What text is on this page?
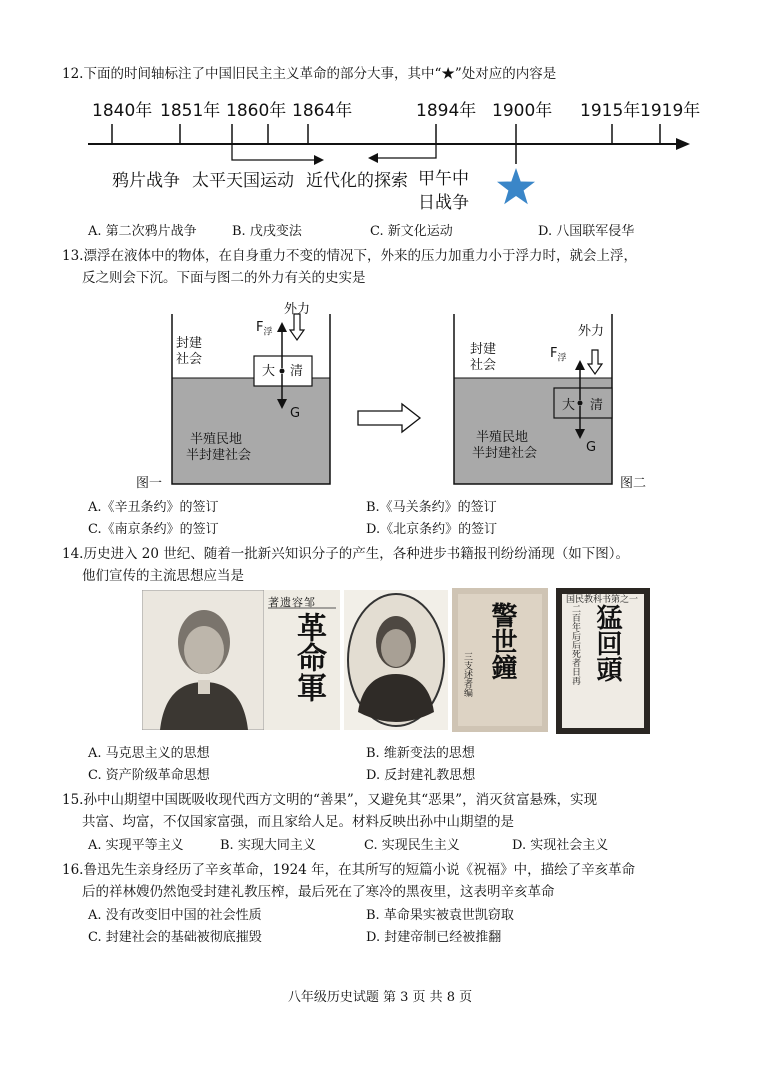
12.下面的时间轴标注了中国旧民主主义革命的部分大事，其中“★”处对应的内容是
1840年 1851年 1860年 1864年	1894年 1900年 1915年 1919年
鸦片战争 太平天国运动 近代化的探索 甲午中
日战争
A. 第二次鸦片战争	B. 戊戌变法	C. 新文化运动	D. 八国联军侵华
13.漂浮在液体中的物体，在自身重力不变的情况下，外来的压力加重力小于浮力时，就会上浮，
反之则会下沉。下面与图二的外力有关的史实是
封建
社会
外力
$F_浮$
大 清
G
半殖民地
半封建社会
图一
封建
社会
外力
$F_浮$
大 清
G
半殖民地
半封建社会
图二
A.《辛丑条约》的签订	B.《马关条约》的签订
C.《南京条约》的签订	D.《北京条约》的签订
14.历史进入 20 世纪、随着一批新兴知识分子的产生，各种进步书籍报刊纷纷涌现（如下图）。
他们宣传的主流思想应当是
著遗容邹
革命軍	警世鐘
三支述者编
国民教科书第之一
猛回頭
二百年后后死者日再
A. 马克思主义的思想	B. 维新变法的思想
C. 资产阶级革命思想	D. 反封建礼教思想
15.孙中山期望中国既吸收现代西方文明的“善果”，又避免其“恶果”，消灭贫富悬殊，实现
共富、均富，不仅国家富强，而且家给人足。材料反映出孙中山期望的是
A. 实现平等主义	B. 实现大同主义	C. 实现民生主义	D. 实现社会主义
16.鲁迅先生亲身经历了辛亥革命，1924 年，在其所写的短篇小说《祝福》中，描绘了辛亥革命
后的祥林嫂仍然饱受封建礼教压榨，最后死在了寒冷的黑夜里，这表明辛亥革命
A. 没有改变旧中国的社会性质	B. 革命果实被袁世凯窃取
C. 封建社会的基础被彻底摧毁	D. 封建帝制已经被推翻
八年级历史试题 第 3 页 共 8 页
